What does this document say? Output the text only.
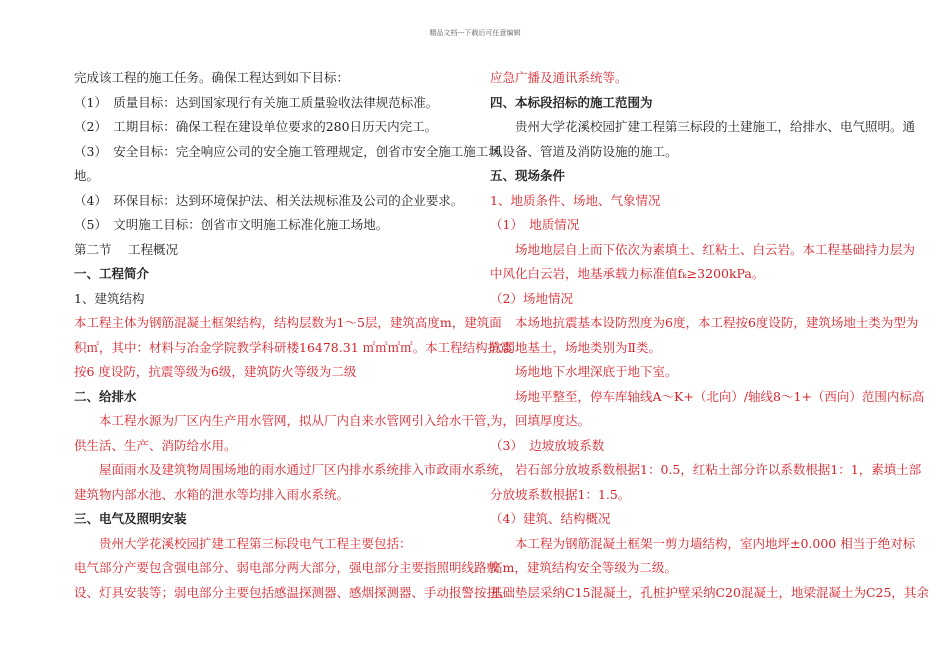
精品文档---下载后可任意编辑
完成该工程的施工任务。确保工程达到如下目标：
（1）　质量目标：达到国家现行有关施工质量验收法律规范标准。
（2）　工期目标：确保工程在建设单位要求的280日历天内完工。
（3）　安全目标：完全响应公司的安全施工管理规定，创省市安全施工施工场
地。
（4）　环保目标：达到环境保护法、相关法规标准及公司的企业要求。
（5）　文明施工目标：创省市文明施工标准化施工场地。
第二节　 工程概况
一、工程简介
1、建筑结构
本工程主体为钢筋混凝土框架结构，结构层数为1～5层，建筑高度m，建筑面
积㎡，其中：材料与冶金学院教学科研楼16478.31 ㎡㎡㎡㎡。本工程结构抗震
按6 度设防，抗震等级为6级，建筑防火等级为二级
二、给排水
本工程水源为厂区内生产用水管网，拟从厂内自来水管网引入给水干管，
供生活、生产、消防给水用。
屋面雨水及建筑物周围场地的雨水通过厂区内排水系统排入市政雨水系统，
建筑物内部水池、水箱的泄水等均排入雨水系统。
三、电气及照明安装
贵州大学花溪校园扩建工程第三标段电气工程主要包括：
电气部分产要包含强电部分、弱电部分两大部分，强电部分主要指照明线路敷
设、灯具安装等；弱电部分主要包括感温探测器、感烟探测器、手动报警按扭、
应急广播及通讯系统等。
四、本标段招标的施工范围为
贵州大学花溪校园扩建工程第三标段的土建施工，给排水、电气照明。通
风设备、管道及消防设施的施工。
五、现场条件
1、地质条件、场地、气象情况
（1）　地质情况
场地地层自上而下依次为素填土、红粘土、白云岩。本工程基础持力层为
中风化白云岩，地基承载力标准值fₖ≥3200kPa。
（2）场地情况
本场地抗震基本设防烈度为6度，本工程按6度设防，建筑场地土类为型为
软弱地基土，场地类别为Ⅱ类。
场地地下水埋深底于地下室。
场地平整至，停车库轴线A～K+（北向）/轴线8～1+（西向）范围内标高
为，回填厚度达。
（3）　边坡放坡系数
岩石部分放坡系数根据1：0.5，红粘土部分许以系数根据1：1，素填土部
分放坡系数根据1：1.5。
（4）建筑、结构概况
本工程为钢筋混凝土框架一剪力墙结构，室内地坪±0.000 相当于绝对标
高m，建筑结构安全等级为二级。
基础垫层采纳C15混凝土，孔桩护壁采纳C20混凝土，地梁混凝土为C25，其余
